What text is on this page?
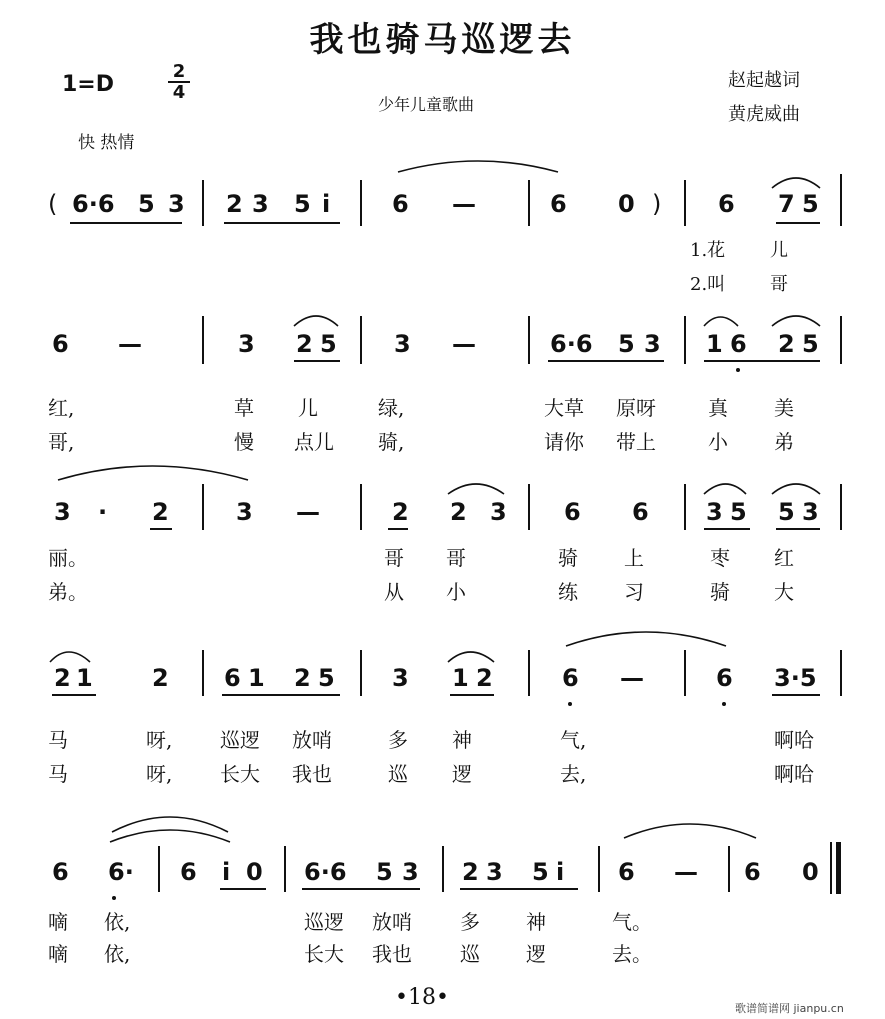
我也骑马巡逻去
1=D	$\frac{2}{4}$
快 热情
少年儿童歌曲
赵起越词
黄虎威曲
( 6·6 5 3 2 3 5 i	6 —	6 0 ) 6 7 5
1.花 儿
2.叫 哥
6 —	3 2 5 3 —	6·6 5 3 1 6 2 5
红,	草 儿	绿,	大草 原呀	真 美
哥,	慢 点儿 骑,	请你 带上	小 弟
3 · 2	3 —	2 2 3 6 6 3 5 5 3
丽。	哥 哥	骑 上	枣 红
弟。	从 小	练 习	骑 大
2 1 2 6 1 2 5 3 1 2	6 —	6 3·5
马	呀, 巡逻 放哨	多 神	气,	啊哈
马	呀, 长大 我也	巡 逻	去,	啊哈
6 6· 6 i 0 6·6 5 3 2 3 5 i 6 — 6 0
嘀 依,	巡逻 放哨 多 神	气。
嘀 依,	长大 我也 巡 逻	去。
•18•	歌谱简谱网 jianpu.cn
